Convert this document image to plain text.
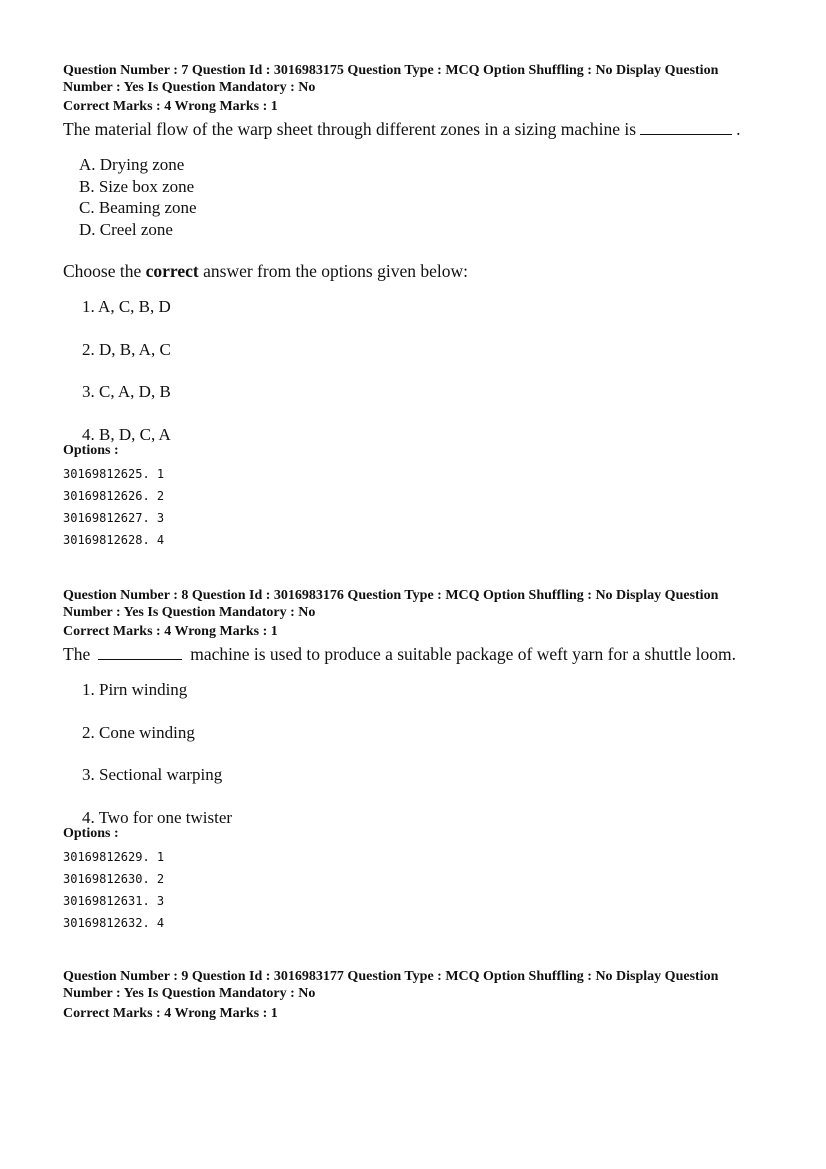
Question Number : 7 Question Id : 3016983175 Question Type : MCQ Option Shuffling : No Display Question

Number : Yes Is Question Mandatory : No

Correct Marks : 4 Wrong Marks : 1

The material flow of the warp sheet through different zones in a sizing machine is	.

A. Drying zone
B. Size box zone
C. Beaming zone
D. Creel zone

Choose the correct answer from the options given below:

1. A, C, B, D
2. D, B, A, C
3. C, A, D, B
4. B, D, C, A

Options :

30169812625. 1
30169812626. 2
30169812627. 3
30169812628. 4

Question Number : 8 Question Id : 3016983176 Question Type : MCQ Option Shuffling : No Display Question

Number : Yes Is Question Mandatory : No

Correct Marks : 4 Wrong Marks : 1

The	machine is used to produce a suitable package of weft yarn for a shuttle loom.

1. Pirn winding
2. Cone winding
3. Sectional warping
4. Two for one twister

Options :

30169812629. 1
30169812630. 2
30169812631. 3
30169812632. 4

Question Number : 9 Question Id : 3016983177 Question Type : MCQ Option Shuffling : No Display Question

Number : Yes Is Question Mandatory : No

Correct Marks : 4 Wrong Marks : 1
